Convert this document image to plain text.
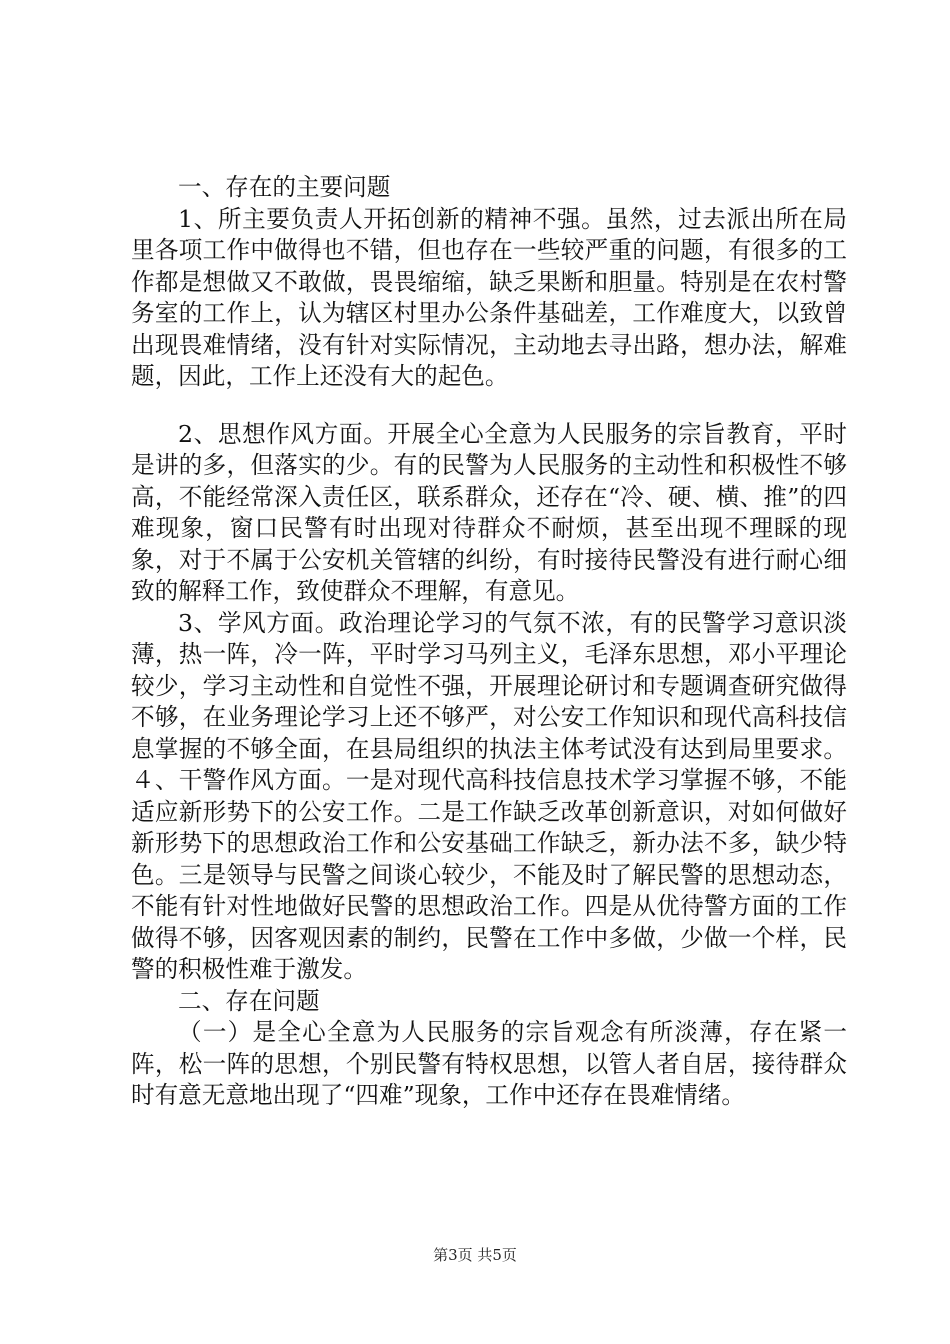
一、存在的主要问题

1、所主要负责人开拓创新的精神不强。虽然，过去派出所在局里各项工作中做得也不错，但也存在一些较严重的问题，有很多的工作都是想做又不敢做，畏畏缩缩，缺乏果断和胆量。特别是在农村警务室的工作上，认为辖区村里办公条件基础差，工作难度大，以致曾出现畏难情绪，没有针对实际情况，主动地去寻出路，想办法，解难题，因此，工作上还没有大的起色。

2、思想作风方面。开展全心全意为人民服务的宗旨教育，平时是讲的多，但落实的少。有的民警为人民服务的主动性和积极性不够高，不能经常深入责任区，联系群众，还存在“冷、硬、横、推”的四难现象，窗口民警有时出现对待群众不耐烦，甚至出现不理睬的现象，对于不属于公安机关管辖的纠纷，有时接待民警没有进行耐心细致的解释工作，致使群众不理解，有意见。

3、学风方面。政治理论学习的气氛不浓，有的民警学习意识淡薄，热一阵，冷一阵，平时学习马列主义，毛泽东思想，邓小平理论较少，学习主动性和自觉性不强，开展理论研讨和专题调查研究做得不够，在业务理论学习上还不够严，对公安工作知识和现代高科技信息掌握的不够全面，在县局组织的执法主体考试没有达到局里要求。４、干警作风方面。一是对现代高科技信息技术学习掌握不够，不能适应新形势下的公安工作。二是工作缺乏改革创新意识，对如何做好新形势下的思想政治工作和公安基础工作缺乏，新办法不多，缺少特色。三是领导与民警之间谈心较少，不能及时了解民警的思想动态，不能有针对性地做好民警的思想政治工作。四是从优待警方面的工作做得不够，因客观因素的制约，民警在工作中多做，少做一个样，民警的积极性难于激发。

二、存在问题

（一）是全心全意为人民服务的宗旨观念有所淡薄，存在紧一阵，松一阵的思想，个别民警有特权思想，以管人者自居，接待群众时有意无意地出现了“四难”现象，工作中还存在畏难情绪。

第3页 共5页
